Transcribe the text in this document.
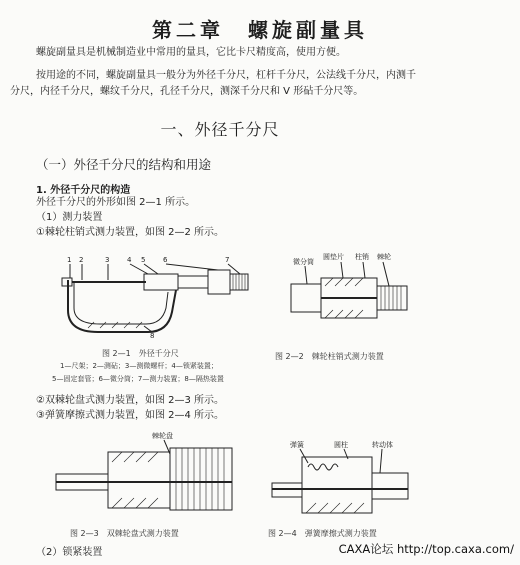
第二章　螺旋副量具
螺旋副量具是机械制造业中常用的量具，它比卡尺精度高，使用方便。
按用途的不同，螺旋副量具一般分为外径千分尺，杠杆千分尺，公法线千分尺，内测千
分尺，内径千分尺，螺纹千分尺，孔径千分尺，测深千分尺和 V 形砧千分尺等。
一、外径千分尺
（一）外径千分尺的结构和用途
1. 外径千分尺的构造
外径千分尺的外形如图 2—1 所示。
（1）测力装置
①棘轮柱销式测力装置，如图 2—2 所示。
1 2	3	4 5	6	7
8
图 2—1　外径千分尺
1—尺架；2—测砧；3—测微螺杆；4—锁紧装置；
5—固定套管；6—微分筒；7—测力装置；8—隔热装置
微分筒
圆垫片 柱销 棘轮
图 2—2　棘轮柱销式测力装置
②双棘轮盘式测力装置，如图 2—3 所示。
③弹簧摩擦式测力装置，如图 2—4 所示。
棘轮盘
图 2—3　双棘轮盘式测力装置
弹簧	圆柱	转动体
图 2—4　弹簧摩擦式测力装置
（2）锁紧装置	CAXA论坛 http://top.caxa.com/
